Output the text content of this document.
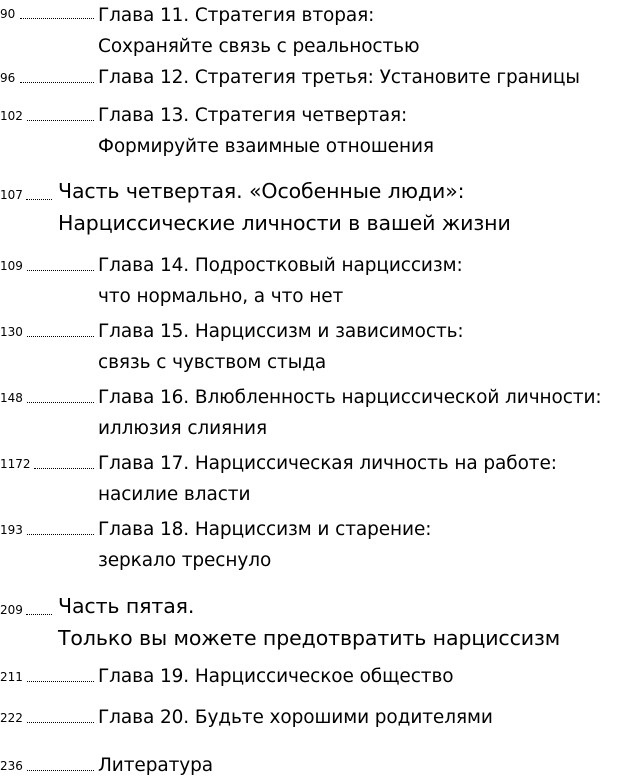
90	Глава 11. Стратегия вторая:
Сохраняйте связь с реальностью
96	Глава 12. Стратегия третья: Установите границы
102	Глава 13. Стратегия четвертая:
Формируйте взаимные отношения
107 Часть четвертая. «Особенные люди»:
Нарциссические личности в вашей жизни
109	Глава 14. Подростковый нарциссизм:
что нормально, а что нет
130	Глава 15. Нарциссизм и зависимость:
связь с чувством стыда
148	Глава 16. Влюбленность нарциссической личности:
иллюзия слияния
1172	Глава 17. Нарциссическая личность на работе:
насилие власти
193	Глава 18. Нарциссизм и старение:
зеркало треснуло
209 Часть пятая.
Только вы можете предотвратить нарциссизм
211	Глава 19. Нарциссическое общество
222	Глава 20. Будьте хорошими родителями
236	Литература
